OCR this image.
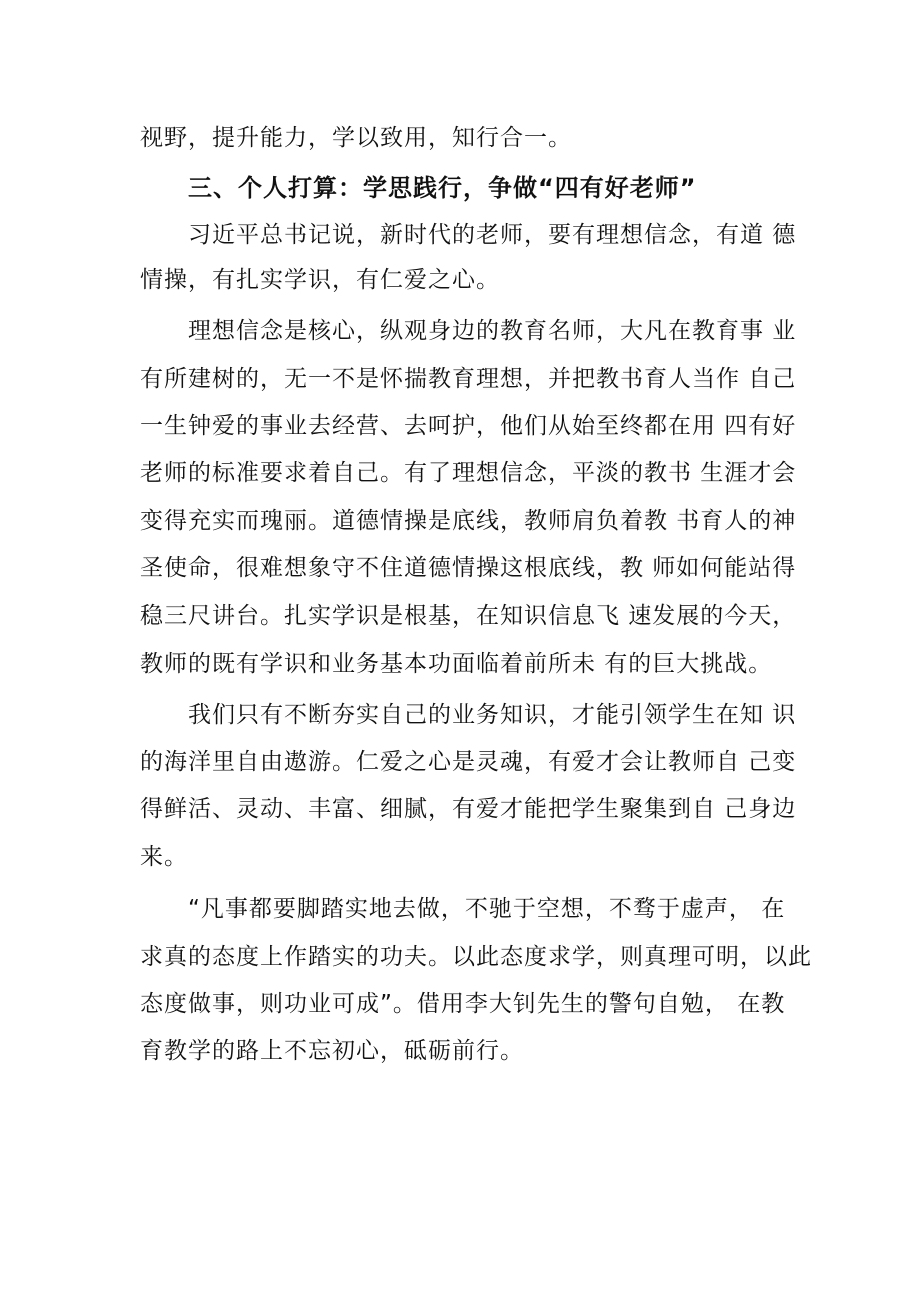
视野，提升能力，学以致用，知行合一。
三、个人打算：学思践行，争做“四有好老师”
习近平总书记说，新时代的老师，要有理想信念，有道 德
情操，有扎实学识，有仁爱之心。
理想信念是核心，纵观身边的教育名师，大凡在教育事 业
有所建树的，无一不是怀揣教育理想，并把教书育人当作 自己
一生钟爱的事业去经营、去呵护，他们从始至终都在用 四有好
老师的标准要求着自己。有了理想信念，平淡的教书 生涯才会
变得充实而瑰丽。道德情操是底线，教师肩负着教 书育人的神
圣使命，很难想象守不住道德情操这根底线，教 师如何能站得
稳三尺讲台。扎实学识是根基，在知识信息飞 速发展的今天，
教师的既有学识和业务基本功面临着前所未 有的巨大挑战。
我们只有不断夯实自己的业务知识，才能引领学生在知 识
的海洋里自由遨游。仁爱之心是灵魂，有爱才会让教师自 己变
得鲜活、灵动、丰富、细腻，有爱才能把学生聚集到自 己身边
来。
“凡事都要脚踏实地去做，不驰于空想，不骛于虚声， 在
求真的态度上作踏实的功夫。以此态度求学，则真理可明，以此
态度做事，则功业可成”。借用李大钊先生的警句自勉， 在教
育教学的路上不忘初心，砥砺前行。
